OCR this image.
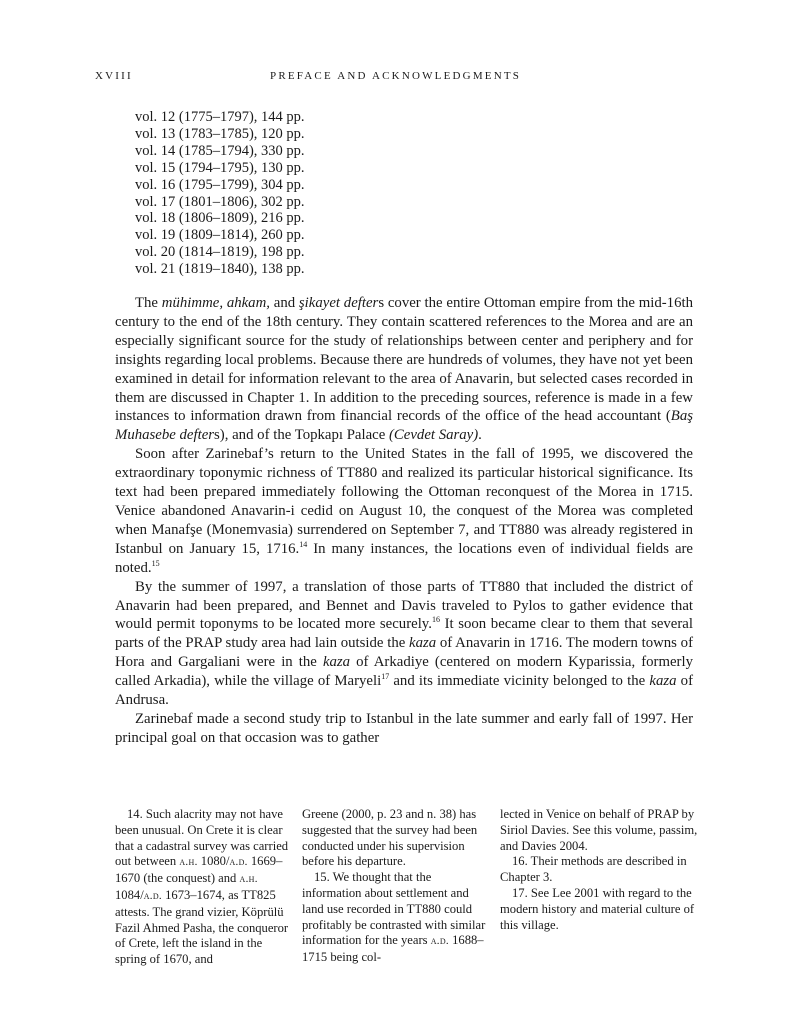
XVIII	PREFACE AND ACKNOWLEDGMENTS
vol. 12 (1775–1797), 144 pp.
vol. 13 (1783–1785), 120 pp.
vol. 14 (1785–1794), 330 pp.
vol. 15 (1794–1795), 130 pp.
vol. 16 (1795–1799), 304 pp.
vol. 17 (1801–1806), 302 pp.
vol. 18 (1806–1809), 216 pp.
vol. 19 (1809–1814), 260 pp.
vol. 20 (1814–1819), 198 pp.
vol. 21 (1819–1840), 138 pp.

The mühimme, ahkam, and şikayet defters cover the entire Ottoman empire from the mid-16th century to the end of the 18th century. They contain scattered references to the Morea and are an especially significant source for the study of relationships between center and periphery and for insights regarding local problems. Because there are hundreds of volumes, they have not yet been examined in detail for information relevant to the area of Anavarin, but selected cases recorded in them are discussed in Chapter 1. In addition to the preceding sources, reference is made in a few instances to information drawn from financial records of the office of the head accountant (Baş Muhasebe defters), and of the Topkapı Palace (Cevdet Saray).

Soon after Zarinebaf’s return to the United States in the fall of 1995, we discovered the extraordinary toponymic richness of TT880 and realized its particular historical significance. Its text had been prepared immediately following the Ottoman reconquest of the Morea in 1715. Venice abandoned Anavarin-i cedid on August 10, the conquest of the Morea was completed when Manafşe (Monemvasia) surrendered on September 7, and TT880 was already registered in Istanbul on January 15, 1716.14 In many instances, the locations even of individual fields are noted.$^{15}$

By the summer of 1997, a translation of those parts of TT880 that included the district of Anavarin had been prepared, and Bennet and Davis traveled to Pylos to gather evidence that would permit toponyms to be located more securely.$^{16}$ It soon became clear to them that several parts of the PRAP study area had lain outside the kaza of Anavarin in 1716. The modern towns of Hora and Gargaliani were in the kaza of Arkadiye (centered on modern Kyparissia, formerly called Arkadia), while the village of Maryeli$^{17}$ and its immediate vicinity belonged to the kaza of Andrusa.

Zarinebaf made a second study trip to Istanbul in the late summer and early fall of 1997. Her principal goal on that occasion was to gather

14. Such alacrity may not have been unusual. On Crete it is clear that a cadastral survey was carried out between a.h. 1080/a.d. 1669–1670 (the conquest) and a.h. 1084/a.d. 1673–1674, as TT825 attests. The grand vizier, Köprülü Fazil Ahmed Pasha, the conqueror of Crete, left the island in the spring of 1670, and

Greene (2000, p. 23 and n. 38) has suggested that the survey had been conducted under his supervision before his departure.

15. We thought that the information about settlement and land use recorded in TT880 could profitably be contrasted with similar information for the years a.d. 1688–1715 being col-

lected in Venice on behalf of PRAP by Siriol Davies. See this volume, passim, and Davies 2004.

16. Their methods are described in Chapter 3.

17. See Lee 2001 with regard to the modern history and material culture of this village.
